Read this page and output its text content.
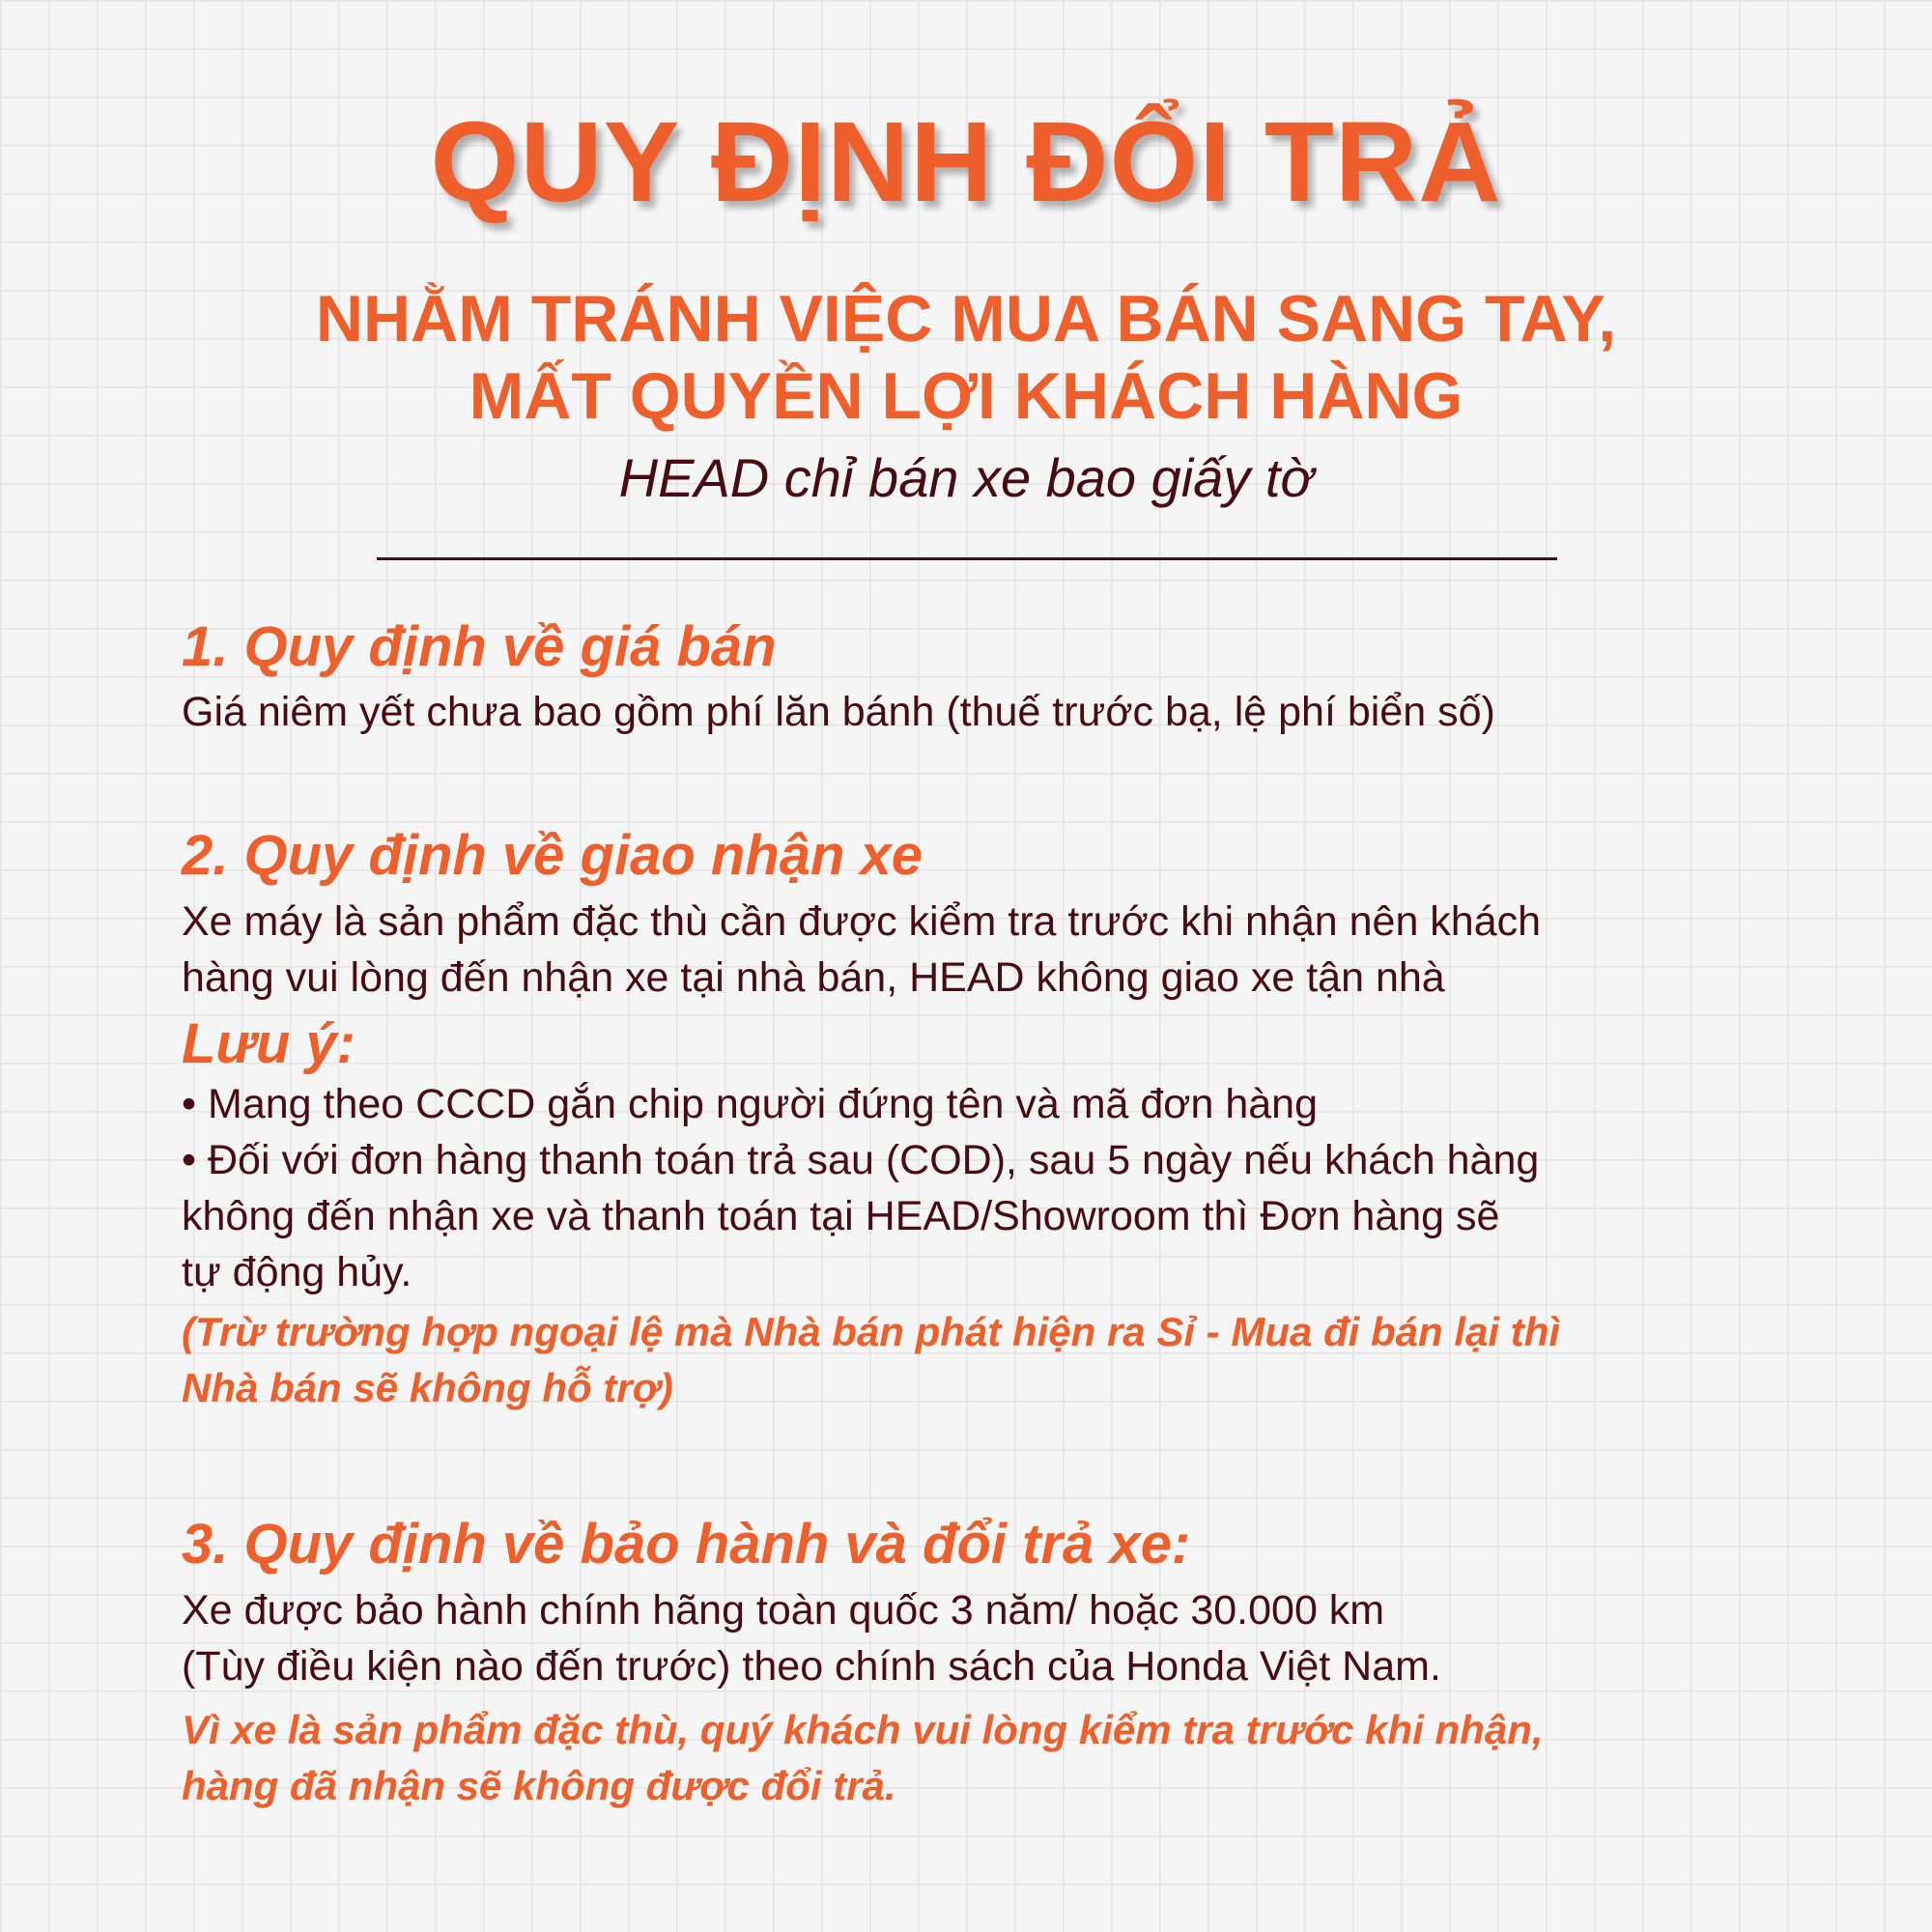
QUY ĐỊNH ĐỔI TRẢ
NHẰM TRÁNH VIỆC MUA BÁN SANG TAY,
MẤT QUYỀN LỢI KHÁCH HÀNG
HEAD chỉ bán xe bao giấy tờ
1. Quy định về giá bán
Giá niêm yết chưa bao gồm phí lăn bánh (thuế trước bạ, lệ phí biển số)
2. Quy định về giao nhận xe
Xe máy là sản phẩm đặc thù cần được kiểm tra trước khi nhận nên khách
hàng vui lòng đến nhận xe tại nhà bán, HEAD không giao xe tận nhà
Lưu ý:
• Mang theo CCCD gắn chip người đứng tên và mã đơn hàng
• Đối với đơn hàng thanh toán trả sau (COD), sau 5 ngày nếu khách hàng
không đến nhận xe và thanh toán tại HEAD/Showroom thì Đơn hàng sẽ
tự động hủy.
(Trừ trường hợp ngoại lệ mà Nhà bán phát hiện ra Sỉ - Mua đi bán lại thì
Nhà bán sẽ không hỗ trợ)
3. Quy định về bảo hành và đổi trả xe:
Xe được bảo hành chính hãng toàn quốc 3 năm/ hoặc 30.000 km
(Tùy điều kiện nào đến trước) theo chính sách của Honda Việt Nam.
Vì xe là sản phẩm đặc thù, quý khách vui lòng kiểm tra trước khi nhận,
hàng đã nhận sẽ không được đổi trả.
